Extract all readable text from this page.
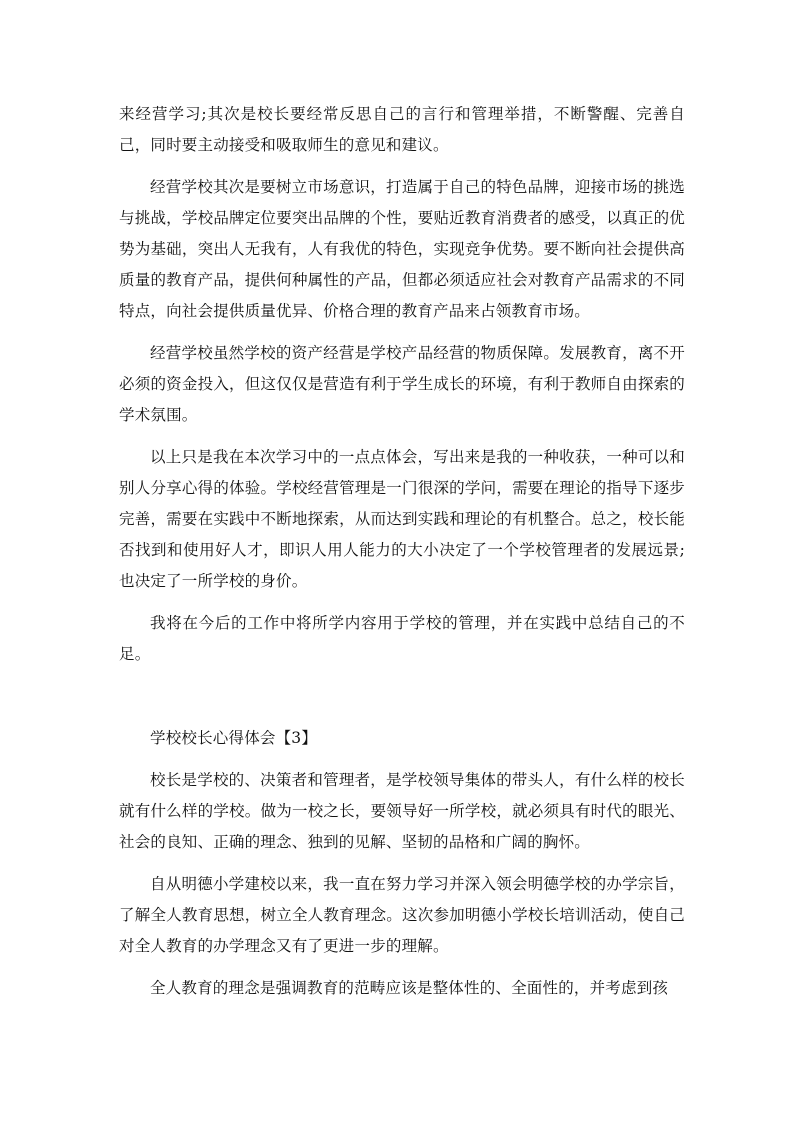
来经营学习;其次是校长要经常反思自己的言行和管理举措，不断警醒、完善自己，同时要主动接受和吸取师生的意见和建议。

经营学校其次是要树立市场意识，打造属于自己的特色品牌，迎接市场的挑选与挑战，学校品牌定位要突出品牌的个性，要贴近教育消费者的感受，以真正的优势为基础，突出人无我有，人有我优的特色，实现竞争优势。要不断向社会提供高质量的教育产品，提供何种属性的产品，但都必须适应社会对教育产品需求的不同特点，向社会提供质量优异、价格合理的教育产品来占领教育市场。

经营学校虽然学校的资产经营是学校产品经营的物质保障。发展教育，离不开必须的资金投入，但这仅仅是营造有利于学生成长的环境，有利于教师自由探索的学术氛围。

以上只是我在本次学习中的一点点体会，写出来是我的一种收获，一种可以和别人分享心得的体验。学校经营管理是一门很深的学问，需要在理论的指导下逐步完善，需要在实践中不断地探索，从而达到实践和理论的有机整合。总之，校长能否找到和使用好人才，即识人用人能力的大小决定了一个学校管理者的发展远景;也决定了一所学校的身价。

我将在今后的工作中将所学内容用于学校的管理，并在实践中总结自己的不足。

学校校长心得体会【3】

校长是学校的、决策者和管理者，是学校领导集体的带头人，有什么样的校长就有什么样的学校。做为一校之长，要领导好一所学校，就必须具有时代的眼光、社会的良知、正确的理念、独到的见解、坚韧的品格和广阔的胸怀。

自从明德小学建校以来，我一直在努力学习并深入领会明德学校的办学宗旨，了解全人教育思想，树立全人教育理念。这次参加明德小学校长培训活动，使自己对全人教育的办学理念又有了更进一步的理解。

全人教育的理念是强调教育的范畴应该是整体性的、全面性的，并考虑到孩
